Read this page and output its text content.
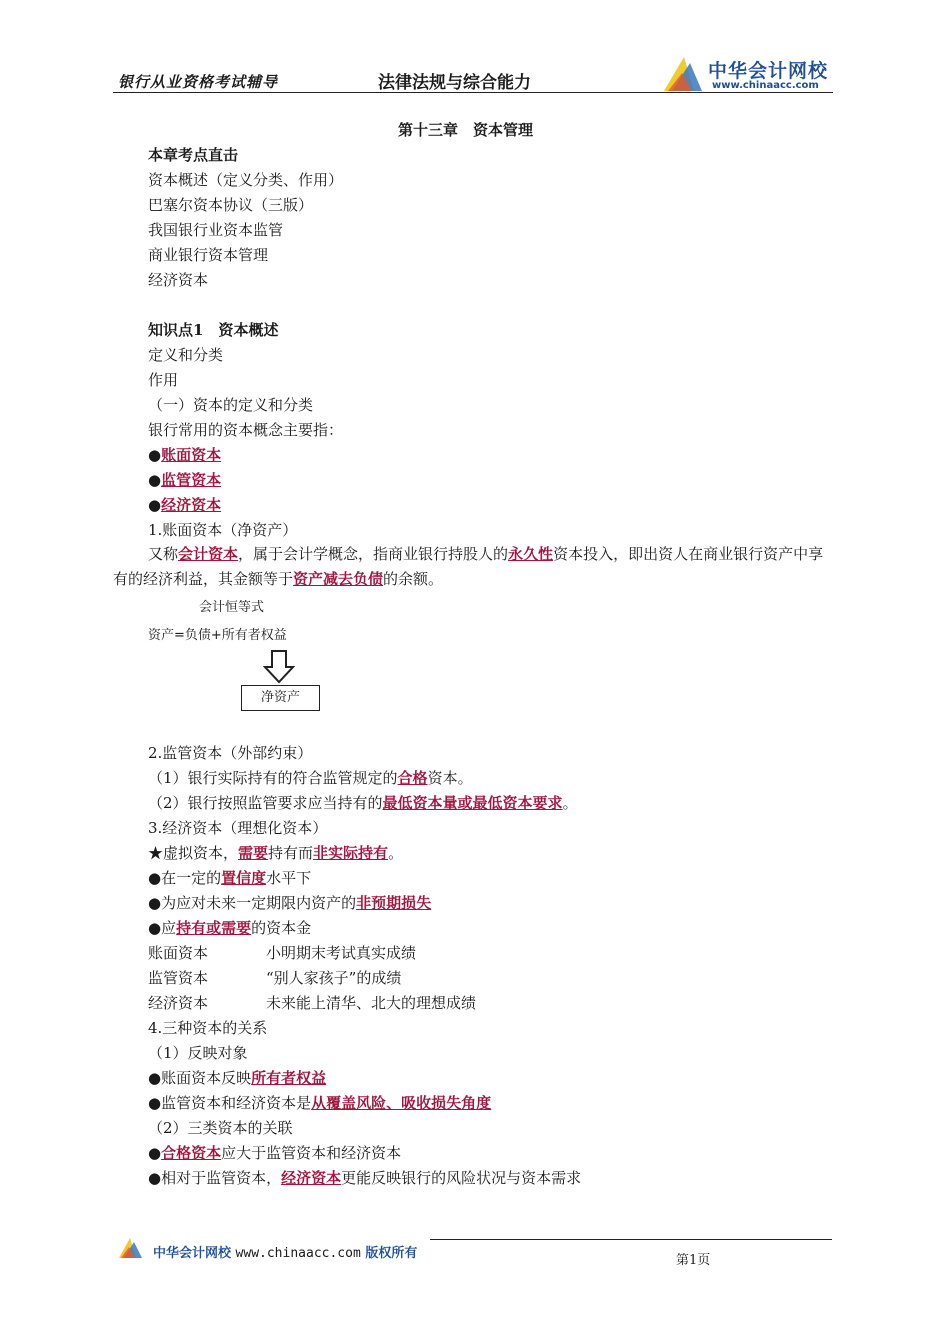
银行从业资格考试辅导	法律法规与综合能力
中华会计网校
www.chinaacc.com
第十三章　资本管理
本章考点直击
资本概述（定义分类、作用）
巴塞尔资本协议（三版）
我国银行业资本监管
商业银行资本管理
经济资本
知识点1　资本概述
定义和分类
作用
（一）资本的定义和分类
银行常用的资本概念主要指：
●账面资本
●监管资本
●经济资本
1.账面资本（净资产）
又称会计资本，属于会计学概念，指商业银行持股人的永久性资本投入，即出资人在商业银行资产中享有的经济利益，其金额等于资产减去负债的余额。
会计恒等式
资产=负债+所有者权益
净资产
2.监管资本（外部约束）
（1）银行实际持有的符合监管规定的合格资本。
（2）银行按照监管要求应当持有的最低资本量或最低资本要求。
3.经济资本（理想化资本）
★虚拟资本，需要持有而非实际持有。
●在一定的置信度水平下
●为应对未来一定期限内资产的非预期损失
●应持有或需要的资本金
账面资本	小明期末考试真实成绩
监管资本	“别人家孩子”的成绩
经济资本	未来能上清华、北大的理想成绩
4.三种资本的关系
（1）反映对象
●账面资本反映所有者权益
●监管资本和经济资本是从覆盖风险、吸收损失角度
（2）三类资本的关联
●合格资本应大于监管资本和经济资本
●相对于监管资本，经济资本更能反映银行的风险状况与资本需求
中华会计网校 www.chinaacc.com 版权所有	第1页
